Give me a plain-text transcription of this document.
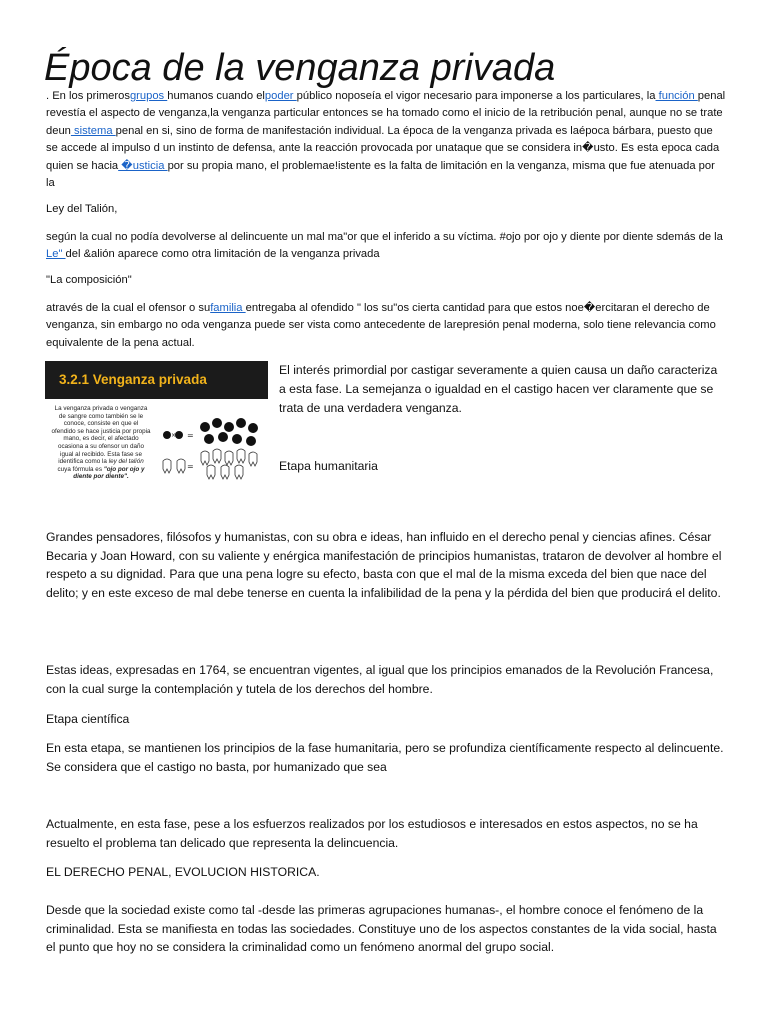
Época de la venganza privada

. En los primerosgrupos humanos cuando elpoder público noposeía el vigor necesario para imponerse a los particulares, la función penal revestía el aspecto de venganza,la venganza particular entonces se ha tomado como el inicio de la retribución penal, aunque no se trate deun sistema penal en si, sino de forma de manifestación individual. La época de la venganza privada es laépoca bárbara, puesto que se accede al impulso d un instinto de defensa, ante la reacción provocada por unataque que se considera in�usto. Es esta epoca cada quien se hacia �usticia por su propia mano, el problemae!istente es la falta de limitación en la venganza, misma que fue atenuada por la

Ley del Talión,

según la cual no podía devolverse al delincuente un mal ma"or que el inferido a su víctima. #ojo por ojo y diente por diente sdemás de la Le" del &alión aparece como otra limitación de la venganza privada

"La composición"

através de la cual el ofensor o sufamilia entregaba al ofendido " los su"os cierta cantidad para que estos noe�ercitaran el derecho de venganza, sin embargo no oda venganza puede ser vista como antecedente de larepresión penal moderna, solo tiene relevancia como equivalente de la pena actual.

3.2.1 Venganza privada
La venganza privada o venganza de sangre como también se le conoce, consiste en que el ofendido se hace justicia por propia mano, es decir, el afectado ocasiona a su ofensor un daño igual al recibido. Esta fase se identifica como la ley del talión cuya fórmula es "ojo por ojo y diente por diente".
× =
=

El interés primordial por castigar severamente a quien causa un daño caracteriza a esta fase. La semejanza o igualdad en el castigo hacen ver claramente que se trata de una verdadera venganza.

Etapa humanitaria

Grandes pensadores, filósofos y humanistas, con su obra e ideas, han influido en el derecho penal y ciencias afines. César Becaria y Joan Howard, con su valiente y enérgica manifestación de principios humanistas, trataron de devolver al hombre el respeto a su dignidad. Para que una pena logre su efecto, basta con que el mal de la misma exceda del bien que nace del delito; y en este exceso de mal debe tenerse en cuenta la infalibilidad de la pena y la pérdida del bien que producirá el delito.

Estas ideas, expresadas en 1764, se encuentran vigentes, al igual que los principios emanados de la Revolución Francesa, con la cual surge la contemplación y tutela de los derechos del hombre.

Etapa científica

En esta etapa, se mantienen los principios de la fase humanitaria, pero se profundiza científicamente respecto al delincuente. Se considera que el castigo no basta, por humanizado que sea

Actualmente, en esta fase, pese a los esfuerzos realizados por los estudiosos e interesados en estos aspectos, no se ha resuelto el problema tan delicado que representa la delincuencia.

EL DERECHO PENAL, EVOLUCION HISTORICA.

Desde que la sociedad existe como tal -desde las primeras agrupaciones humanas-, el hombre conoce el fenómeno de la criminalidad. Esta se manifiesta en todas las sociedades. Constituye uno de los aspectos constantes de la vida social, hasta el punto que hoy no se considera la criminalidad como un fenómeno anormal del grupo social.
